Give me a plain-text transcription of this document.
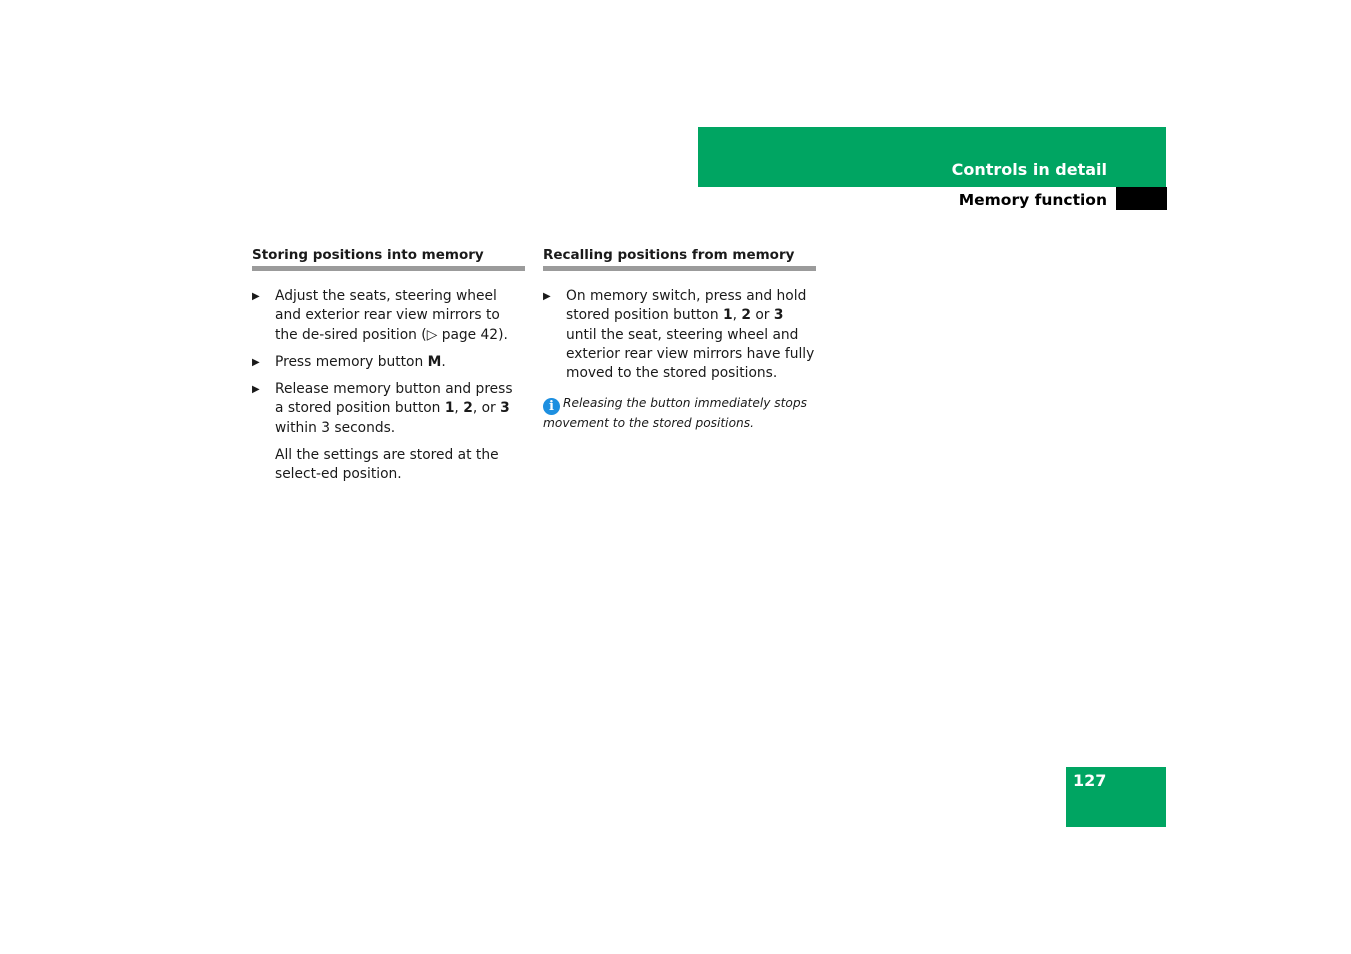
Controls in detail
Memory function
Storing positions into memory
▶ Adjust the seats, steering wheel and exterior rear view mirrors to the de-sired position (▷ page 42).
▶ Press memory button M.
▶ Release memory button and press a stored position button 1, 2, or 3 within 3 seconds.
All the settings are stored at the select-ed position.
Recalling positions from memory
▶ On memory switch, press and hold stored position button 1, 2 or 3 until the seat, steering wheel and exterior rear view mirrors have fully moved to the stored positions.
i Releasing the button immediately stops movement to the stored positions.
127
